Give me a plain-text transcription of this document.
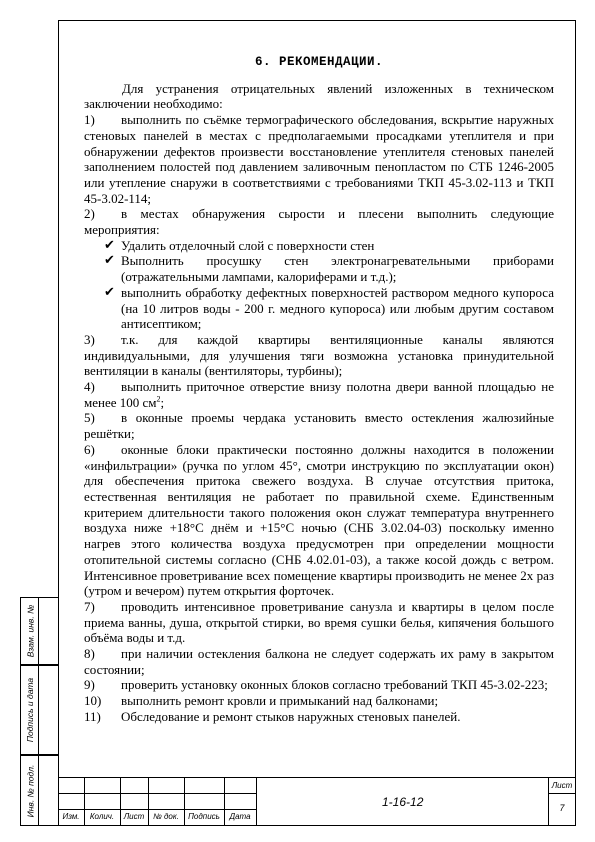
6. РЕКОМЕНДАЦИИ.

Для устранения отрицательных явлений изложенных в техническом заключении необходимо:

1) выполнить по съёмке термографического обследования, вскрытие наружных стеновых панелей в местах с предполагаемыми просадками утеплителя и при обнаружении дефектов произвести восстановление утеплителя стеновых панелей заполнением полостей под давлением заливочным пенопластом по СТБ 1246-2005 или утепление снаружи в соответствиями с требованиями ТКП 45-3.02-113 и ТКП 45-3.02-114;

2) в местах обнаружения сырости и плесени выполнить следующие мероприятия:

✔ Удалить отделочный слой с поверхности стен

✔ Выполнить просушку стен электронагревательными приборами (отражательными лампами, калориферами и т.д.);

✔ выполнить обработку дефектных поверхностей раствором медного купороса (на 10 литров воды - 200 г. медного купороса) или любым другим составом антисептиком;

3) т.к. для каждой квартиры вентиляционные каналы являются индивидуальными, для улучшения тяги возможна установка принудительной вентиляции в каналы (вентиляторы, турбины);

4) выполнить приточное отверстие внизу полотна двери ванной площадью не менее 100 $см^2$;

5) в оконные проемы чердака установить вместо остекления жалюзийные решётки;

6) оконные блоки практически постоянно должны находится в положении «инфильтрации» (ручка по углом 45°, смотри инструкцию по эксплуатации окон) для обеспечения притока свежего воздуха. В случае отсутствия притока, естественная вентиляция не работает по правильной схеме. Единственным критерием длительности такого положения окон служат температура внутреннего воздуха ниже +18°С днём и +15°С ночью (СНБ 3.02.04-03) поскольку именно нагрев этого количества воздуха предусмотрен при определении мощности отопительной системы согласно (СНБ 4.02.01-03), а также косой дождь с ветром. Интенсивное проветривание всех помещение квартиры производить не менее 2х раз (утром и вечером) путем открытия форточек.

7) проводить интенсивное проветривание санузла и квартиры в целом после приема ванны, душа, открытой стирки, во время сушки белья, кипячения большого объёма воды и т.д.

8) при наличии остекления балкона не следует содержать их раму в закрытом состоянии;

9) проверить установку оконных блоков согласно требований ТКП 45-3.02-223;

10) выполнить ремонт кровли и примыканий над балконами;

11) Обследование и ремонт стыков наружных стеновых панелей.

Взам. инв. №
Подпись и дата
Инв. № подл.	Изм.	Колич.	Лист	№ док.	Подпись	Дата
1-16-12
Лист
7
